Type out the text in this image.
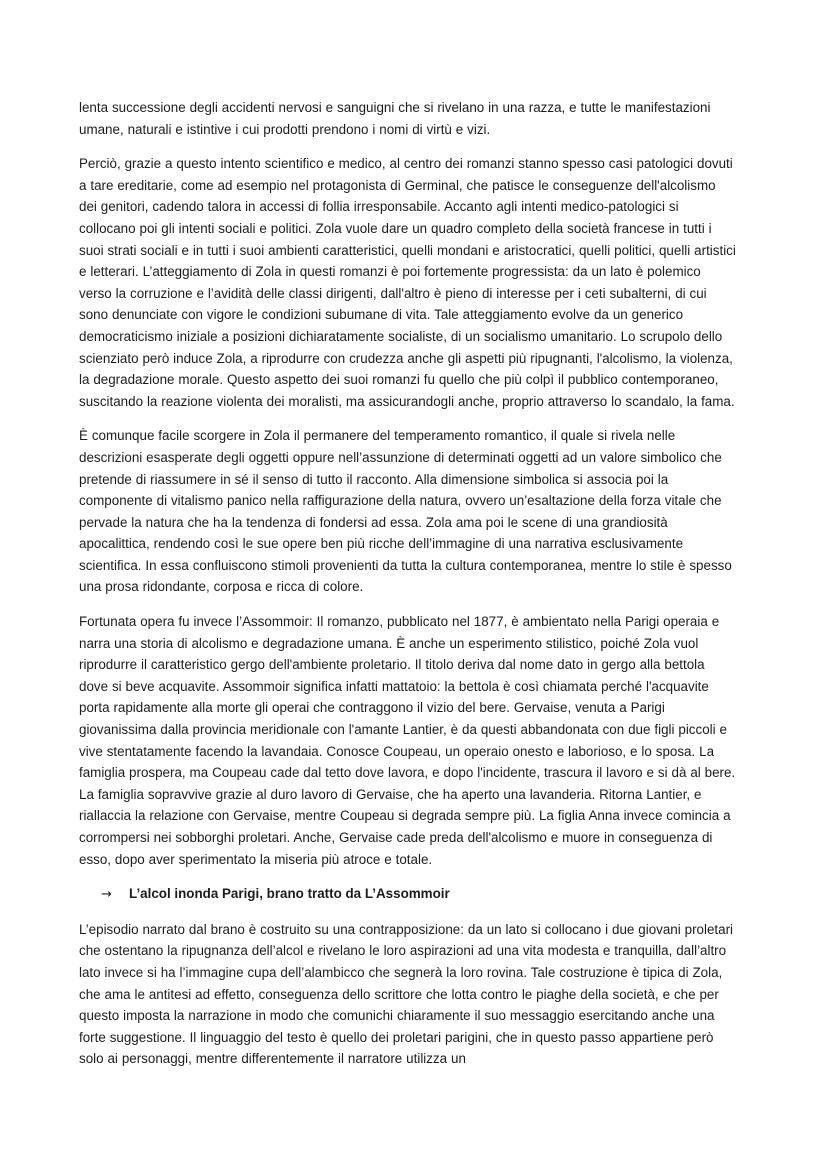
lenta successione degli accidenti nervosi e sanguigni che si rivelano in una razza, e tutte le manifestazioni umane, naturali e istintive i cui prodotti prendono i nomi di virtù e vizi.

Perciò, grazie a questo intento scientifico e medico, al centro dei romanzi stanno spesso casi patologici dovuti a tare ereditarie, come ad esempio nel protagonista di Germinal, che patisce le conseguenze dell'alcolismo dei genitori, cadendo talora in accessi di follia irresponsabile. Accanto agli intenti medico-patologici si collocano poi gli intenti sociali e politici. Zola vuole dare un quadro completo della società francese in tutti i suoi strati sociali e in tutti i suoi ambienti caratteristici, quelli mondani e aristocratici, quelli politici, quelli artistici e letterari. L’atteggiamento di Zola in questi romanzi è poi fortemente progressista: da un lato è polemico verso la corruzione e l’avidità delle classi dirigenti, dall'altro è pieno di interesse per i ceti subalterni, di cui sono denunciate con vigore le condizioni subumane di vita. Tale atteggiamento evolve da un generico democraticismo iniziale a posizioni dichiaratamente socialiste, di un socialismo umanitario. Lo scrupolo dello scienziato però induce Zola, a riprodurre con crudezza anche gli aspetti più ripugnanti, l'alcolismo, la violenza, la degradazione morale. Questo aspetto dei suoi romanzi fu quello che più colpì il pubblico contemporaneo, suscitando la reazione violenta dei moralisti, ma assicurandogli anche, proprio attraverso lo scandalo, la fama.

È comunque facile scorgere in Zola il permanere del temperamento romantico, il quale si rivela nelle descrizioni esasperate degli oggetti oppure nell’assunzione di determinati oggetti ad un valore simbolico che pretende di riassumere in sé il senso di tutto il racconto. Alla dimensione simbolica si associa poi la componente di vitalismo panico nella raffigurazione della natura, ovvero un’esaltazione della forza vitale che pervade la natura che ha la tendenza di fondersi ad essa. Zola ama poi le scene di una grandiosità apocalittica, rendendo così le sue opere ben più ricche dell’immagine di una narrativa esclusivamente scientifica. In essa confluiscono stimoli provenienti da tutta la cultura contemporanea, mentre lo stile è spesso una prosa ridondante, corposa e ricca di colore.

Fortunata opera fu invece l’Assommoir: Il romanzo, pubblicato nel 1877, è ambientato nella Parigi operaia e narra una storia di alcolismo e degradazione umana. È anche un esperimento stilistico, poiché Zola vuol riprodurre il caratteristico gergo dell'ambiente proletario. Il titolo deriva dal nome dato in gergo alla bettola dove si beve acquavite. Assommoir significa infatti mattatoio: la bettola è così chiamata perché l'acquavite porta rapidamente alla morte gli operai che contraggono il vizio del bere. Gervaise, venuta a Parigi giovanissima dalla provincia meridionale con l'amante Lantier, è da questi abbandonata con due figli piccoli e vive stentatamente facendo la lavandaia. Conosce Coupeau, un operaio onesto e laborioso, e lo sposa. La famiglia prospera, ma Coupeau cade dal tetto dove lavora, e dopo l'incidente, trascura il lavoro e si dà al bere. La famiglia sopravvive grazie al duro lavoro di Gervaise, che ha aperto una lavanderia. Ritorna Lantier, e riallaccia la relazione con Gervaise, mentre Coupeau si degrada sempre più. La figlia Anna invece comincia a corrompersi nei sobborghi proletari. Anche, Gervaise cade preda dell'alcolismo e muore in conseguenza di esso, dopo aver sperimentato la miseria più atroce e totale.

→	L’alcol inonda Parigi, brano tratto da L’Assommoir

L’episodio narrato dal brano è costruito su una contrapposizione: da un lato si collocano i due giovani proletari che ostentano la ripugnanza dell’alcol e rivelano le loro aspirazioni ad una vita modesta e tranquilla, dall’altro lato invece si ha l’immagine cupa dell’alambicco che segnerà la loro rovina. Tale costruzione è tipica di Zola, che ama le antitesi ad effetto, conseguenza dello scrittore che lotta contro le piaghe della società, e che per questo imposta la narrazione in modo che comunichi chiaramente il suo messaggio esercitando anche una forte suggestione. Il linguaggio del testo è quello dei proletari parigini, che in questo passo appartiene però solo ai personaggi, mentre differentemente il narratore utilizza un
